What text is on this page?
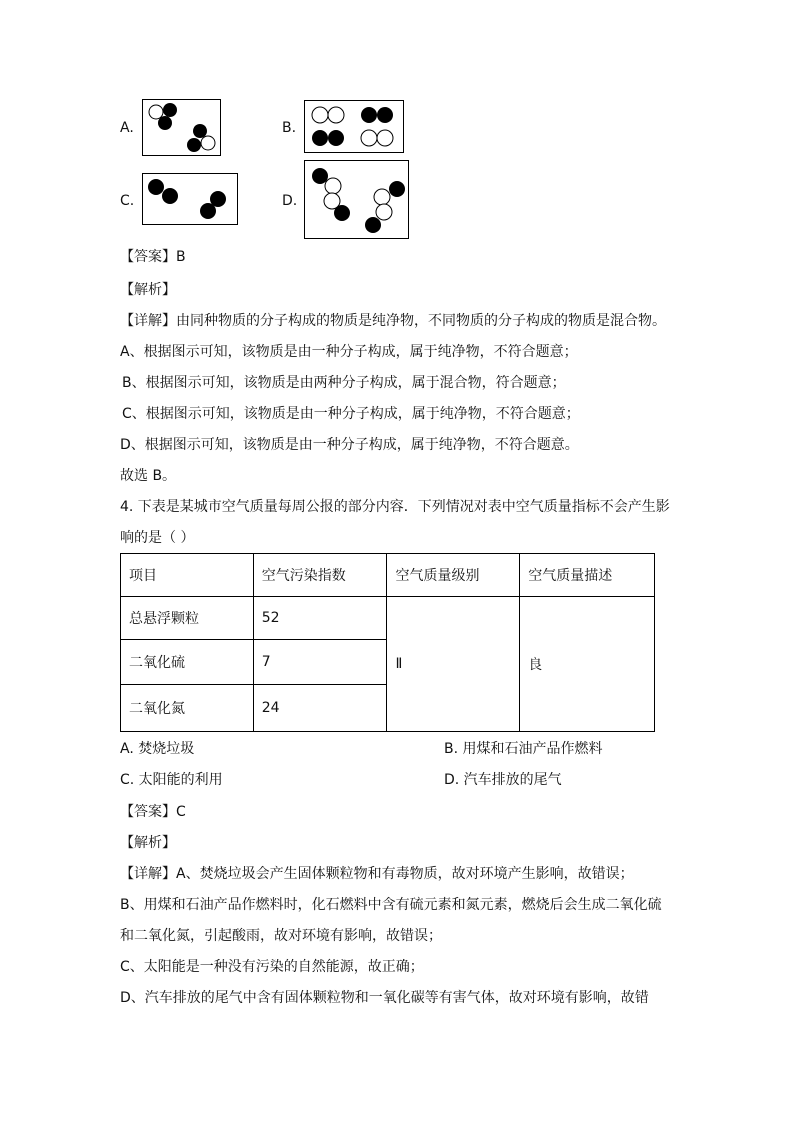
A.	B.
C.	D.
【答案】B
【解析】
【详解】由同种物质的分子构成的物质是纯净物，不同物质的分子构成的物质是混合物。
A、根据图示可知，该物质是由一种分子构成，属于纯净物，不符合题意；
B、根据图示可知，该物质是由两种分子构成，属于混合物，符合题意；
C、根据图示可知，该物质是由一种分子构成，属于纯净物，不符合题意；
D、根据图示可知，该物质是由一种分子构成，属于纯净物，不符合题意。
故选 B。
4. 下表是某城市空气质量每周公报的部分内容．下列情况对表中空气质量指标不会产生影
响的是（ ）
项目	空气污染指数	空气质量级别	空气质量描述
总悬浮颗粒	52	Ⅱ	良
二氧化硫	7		
二氧化氮	24		
A. 焚烧垃圾	B. 用煤和石油产品作燃料
C. 太阳能的利用	D. 汽车排放的尾气
【答案】C
【解析】
【详解】A、焚烧垃圾会产生固体颗粒物和有毒物质，故对环境产生影响，故错误；
B、用煤和石油产品作燃料时，化石燃料中含有硫元素和氮元素，燃烧后会生成二氧化硫
和二氧化氮，引起酸雨，故对环境有影响，故错误；
C、太阳能是一种没有污染的自然能源，故正确；
D、汽车排放的尾气中含有固体颗粒物和一氧化碳等有害气体，故对环境有影响，故错
